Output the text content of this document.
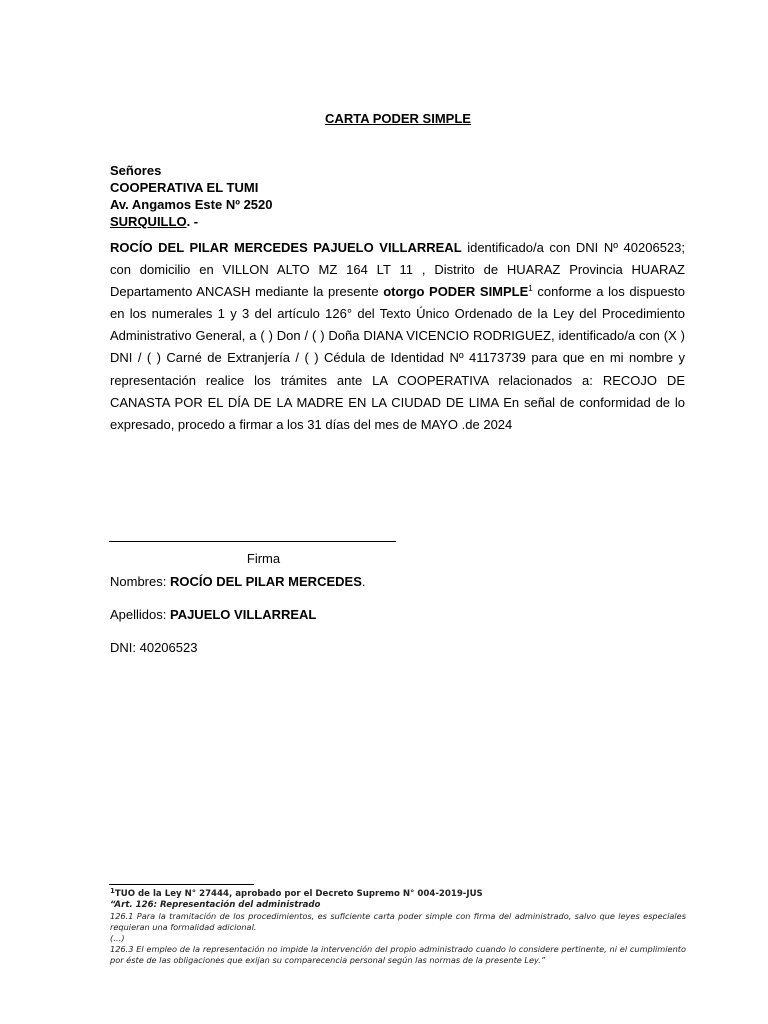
CARTA PODER SIMPLE
Señores
COOPERATIVA EL TUMI
Av. Angamos Este Nº 2520
SURQUILLO. -
ROCÍO DEL PILAR MERCEDES PAJUELO VILLARREAL identificado/a con DNI Nº 40206523; con domicilio en VILLON ALTO MZ 164 LT 11 , Distrito de HUARAZ Provincia HUARAZ Departamento ANCASH mediante la presente otorgo PODER SIMPLE$^1$ conforme a los dispuesto en los numerales 1 y 3 del artículo 126° del Texto Único Ordenado de la Ley del Procedimiento Administrativo General, a ( ) Don / ( ) Doña DIANA VICENCIO RODRIGUEZ, identificado/a con (X ) DNI / ( ) Carné de Extranjería / ( ) Cédula de Identidad Nº 41173739 para que en mi nombre y representación realice los trámites ante LA COOPERATIVA relacionados a: RECOJO DE CANASTA POR EL DÍA DE LA MADRE EN LA CIUDAD DE LIMA En señal de conformidad de lo expresado, procedo a firmar a los 31 días del mes de MAYO .de 2024
Firma
Nombres: ROCÍO DEL PILAR MERCEDES.
Apellidos: PAJUELO VILLARREAL
DNI: 40206523
$^1$TUO de la Ley N° 27444, aprobado por el Decreto Supremo N° 004-2019-JUS
“Art. 126: Representación del administrado
126.1 Para la tramitación de los procedimientos, es suficiente carta poder simple con firma del administrado, salvo que leyes especiales requieran una formalidad adicional.
(…)
126.3 El empleo de la representación no impide la intervención del propio administrado cuando lo considere pertinente, ni el cumplimiento por éste de las obligaciones que exijan su comparecencia personal según las normas de la presente Ley.”
